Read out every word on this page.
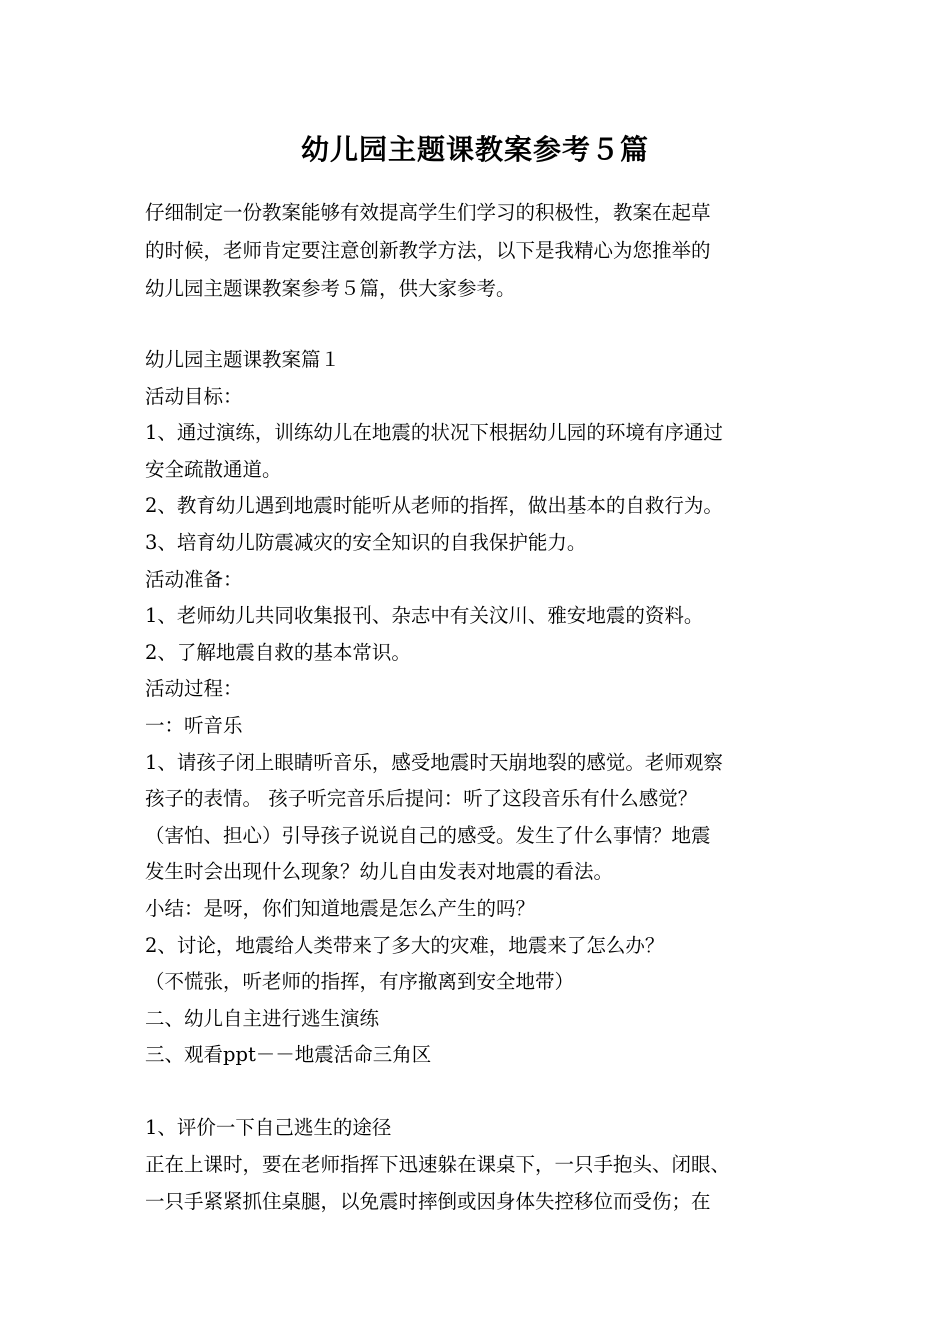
幼儿园主题课教案参考５篇

仔细制定一份教案能够有效提高学生们学习的积极性，教案在起草

的时候，老师肯定要注意创新教学方法，以下是我精心为您推举的

幼儿园主题课教案参考５篇，供大家参考。

幼儿园主题课教案篇１

活动目标：

1、通过演练，训练幼儿在地震的状况下根据幼儿园的环境有序通过

安全疏散通道。

2、教育幼儿遇到地震时能听从老师的指挥，做出基本的自救行为。

3、培育幼儿防震减灾的安全知识的自我保护能力。

活动准备：

1、老师幼儿共同收集报刊、杂志中有关汶川、雅安地震的资料。

2、了解地震自救的基本常识。

活动过程：

一：听音乐

1、请孩子闭上眼睛听音乐，感受地震时天崩地裂的感觉。老师观察

孩子的表情。 孩子听完音乐后提问：听了这段音乐有什么感觉？

（害怕、担心）引导孩子说说自己的感受。发生了什么事情？地震

发生时会出现什么现象？幼儿自由发表对地震的看法。

小结：是呀，你们知道地震是怎么产生的吗？

2、讨论，地震给人类带来了多大的灾难，地震来了怎么办？

（不慌张，听老师的指挥，有序撤离到安全地带）

二、幼儿自主进行逃生演练

三、观看ppt－－地震活命三角区

1、评价一下自己逃生的途径

正在上课时，要在老师指挥下迅速躲在课桌下，一只手抱头、闭眼、

一只手紧紧抓住桌腿，以免震时摔倒或因身体失控移位而受伤；在
